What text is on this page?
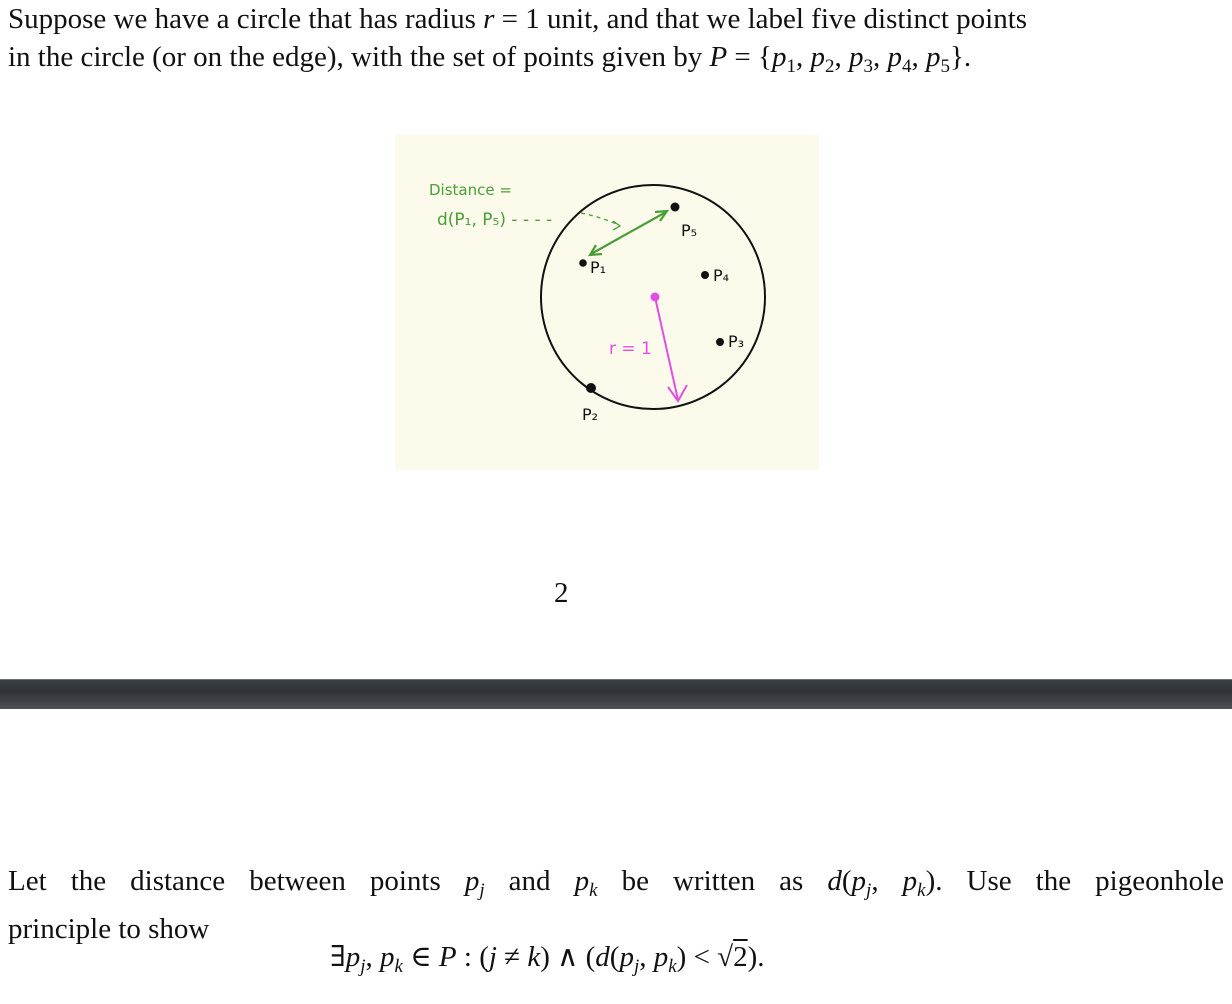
Suppose we have a circle that has radius r = 1 unit, and that we label five distinct points
in the circle (or on the edge), with the set of points given by $P = \{p_1$, $p_2$, $p_3$, $p_4$, $p_5$}.
Distance =
d(P₁, P₅) - - - -
r = 1
P₅
P₁	P₄
P₃
P₂
2
Let the distance between points $p_j$ and $p_k$ be written as $d(p_j$, $p_k$). Use the pigeonhole
principle to show
$\exists p_j$, $p_k$ ∈ P : (j ≠ k) ∧ ($d(p_j$, $p_k) < √2$).
